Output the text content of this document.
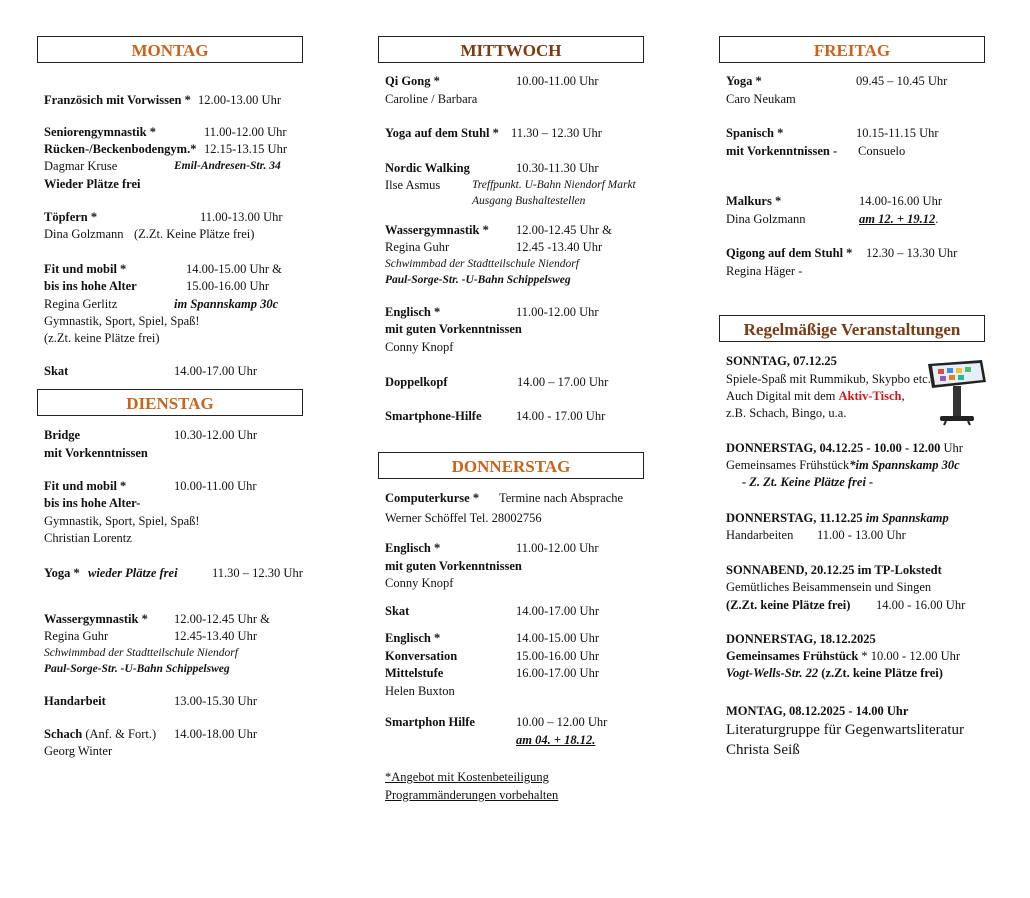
MONTAG
Französich mit Vorwissen * 12.00-13.00 Uhr
Seniorengymnastik *	11.00-12.00 Uhr
Rücken-/Beckenbodengym.* 12.15-13.15 Uhr
Dagmar Kruse	Emil-Andresen-Str. 34
Wieder Plätze frei
Töpfern *	11.00-13.00 Uhr
Dina Golzmann (Z.Zt. Keine Plätze frei)
Fit und mobil *	14.00-15.00 Uhr &
bis ins hohe Alter	15.00-16.00 Uhr
Regina Gerlitz	im Spannskamp 30c
Gymnastik, Sport, Spiel, Spaß!
(z.Zt. keine Plätze frei)
Skat	14.00-17.00 Uhr
DIENSTAG
Bridge	10.30-12.00 Uhr
mit Vorkenntnissen
Fit und mobil *	10.00-11.00 Uhr
bis ins hohe Alter-
Gymnastik, Sport, Spiel, Spaß!
Christian Lorentz
Yoga * wieder Plätze frei	11.30 – 12.30 Uhr
Wassergymnastik * 12.00-12.45 Uhr &
Regina Guhr	12.45-13.40 Uhr
Schwimmbad der Stadtteilschule Niendorf
Paul-Sorge-Str. -U-Bahn Schippelsweg
Handarbeit	13.00-15.30 Uhr
Schach (Anf. & Fort.) 14.00-18.00 Uhr
Georg Winter
MITTWOCH
Qi Gong *	10.00-11.00 Uhr
Caroline / Barbara
Yoga auf dem Stuhl * 11.30 – 12.30 Uhr
Nordic Walking	10.30-11.30 Uhr
Ilse Asmus	Treffpunkt. U-Bahn Niendorf Markt
Ausgang Bushaltestellen
Wassergymnastik * 12.00-12.45 Uhr &
Regina Guhr	12.45 -13.40 Uhr
Schwimmbad der Stadtteilschule Niendorf
Paul-Sorge-Str. -U-Bahn Schippelsweg
Englisch *	11.00-12.00 Uhr
mit guten Vorkenntnissen
Conny Knopf
Doppelkopf	14.00 – 17.00 Uhr
Smartphone-Hilfe	14.00 - 17.00 Uhr
DONNERSTAG
Computerkurse * Termine nach Absprache
Werner Schöffel Tel. 28002756
Englisch *	11.00-12.00 Uhr
mit guten Vorkenntnissen
Conny Knopf
Skat	14.00-17.00 Uhr
Englisch *	14.00-15.00 Uhr
Konversation	15.00-16.00 Uhr
Mittelstufe	16.00-17.00 Uhr
Helen Buxton
Smartphon Hilfe	10.00 – 12.00 Uhr
am 04. + 18.12.
*Angebot mit Kostenbeteiligung
Programmänderungen vorbehalten
FREITAG
Yoga *	09.45 – 10.45 Uhr
Caro Neukam
Spanisch *	10.15-11.15 Uhr
mit Vorkenntnissen - Consuelo
Malkurs *	14.00-16.00 Uhr
Dina Golzmann	am 12. + 19.12.
Qigong auf dem Stuhl * 12.30 – 13.30 Uhr
Regina Häger -
Regelmäßige Veranstaltungen
SONNTAG, 07.12.25
Spiele-Spaß mit Rummikub, Skypbo etc.
Auch Digital mit dem Aktiv-Tisch,
z.B. Schach, Bingo, u.a.
DONNERSTAG, 04.12.25 - 10.00 - 12.00 Uhr
Gemeinsames Frühstück*im Spannskamp 30c
- Z. Zt. Keine Plätze frei -
DONNERSTAG, 11.12.25 im Spannskamp
Handarbeiten 11.00 - 13.00 Uhr
SONNABEND, 20.12.25 im TP-Lokstedt
Gemütliches Beisammensein und Singen
(Z.Zt. keine Plätze frei) 14.00 - 16.00 Uhr
DONNERSTAG, 18.12.2025
Gemeinsames Frühstück * 10.00 - 12.00 Uhr
Vogt-Wells-Str. 22 (z.Zt. keine Plätze frei)
MONTAG, 08.12.2025 - 14.00 Uhr
Literaturgruppe für Gegenwartsliteratur
Christa Seiß
